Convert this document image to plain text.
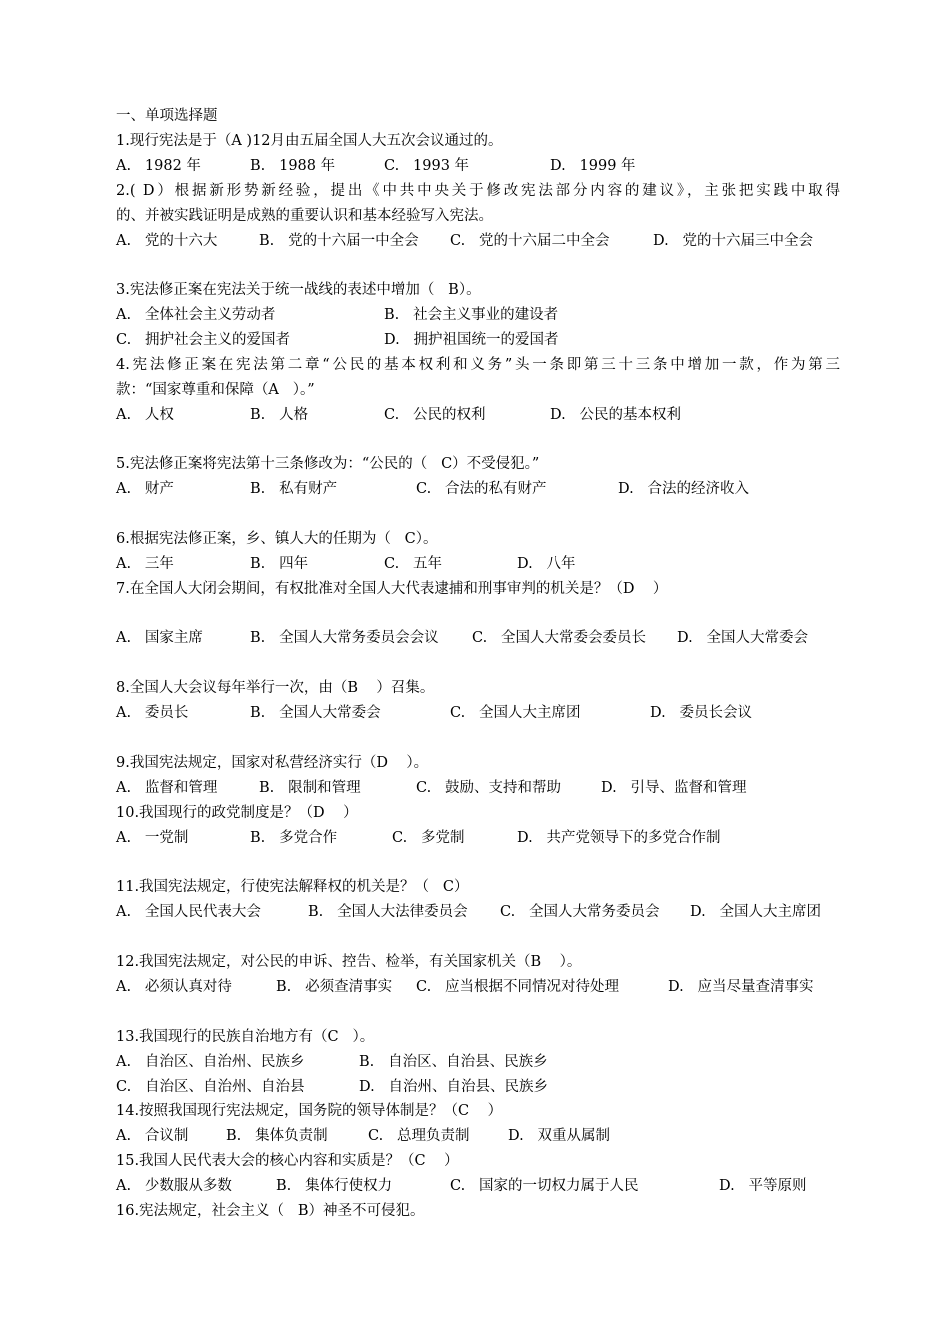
一、单项选择题
1.现行宪法是于（A )12月由五届全国人大五次会议通过的。
A.   1982 年	B.   1988 年	C.   1993 年	D.   1999 年
2.( D）根据新形势新经验，提出《中共中央关于修改宪法部分内容的建议》，主张把实践中取得
的、并被实践证明是成熟的重要认识和基本经验写入宪法。
A.   党的十六大	B.   党的十六届一中全会 C.   党的十六届二中全会	D.   党的十六届三中全会
3.宪法修正案在宪法关于统一战线的表述中增加（   B）。
A.   全体社会主义劳动者	B.   社会主义事业的建设者
C.   拥护社会主义的爱国者	D.   拥护祖国统一的爱国者
4.宪法修正案在宪法第二章“公民的基本权利和义务”头一条即第三十三条中增加一款，作为第三
款：“国家尊重和保障（A   ）。”
A.   人权	B.   人格	C.   公民的权利	D.   公民的基本权利
5.宪法修正案将宪法第十三条修改为：“公民的（   C）不受侵犯。”
A.   财产	B.   私有财产	C.   合法的私有财产	D.   合法的经济收入
6.根据宪法修正案，乡、镇人大的任期为（   C）。
A.   三年	B.   四年	C.   五年	D.   八年
7.在全国人大闭会期间，有权批准对全国人大代表逮捕和刑事审判的机关是？（D    ）
A.   国家主席	B.   全国人大常务委员会会议 C.   全国人大常委会委员长 D.   全国人大常委会
8.全国人大会议每年举行一次，由（B    ）召集。
A.   委员长	B.   全国人大常委会	C.   全国人大主席团	D.   委员长会议
9.我国宪法规定，国家对私营经济实行（D    ）。
A.   监督和管理	B.   限制和管理	C.   鼓励、支持和帮助	D.   引导、监督和管理
10.我国现行的政党制度是？（D    ）
A.   一党制	B.   多党合作	C.   多党制	D.   共产党领导下的多党合作制
11.我国宪法规定，行使宪法解释权的机关是？（   C）
A.   全国人民代表大会	B.   全国人大法律委员会 C.   全国人大常务委员会 D.   全国人大主席团
12.我国宪法规定，对公民的申诉、控告、检举，有关国家机关（B    ）。
A.   必须认真对待	B.   必须查清事实 C.   应当根据不同情况对待处理	D.   应当尽量查清事实
13.我国现行的民族自治地方有（C   ）。
A.   自治区、自治州、民族乡	B.   自治区、自治县、民族乡
C.   自治区、自治州、自治县	D.   自治州、自治县、民族乡
14.按照我国现行宪法规定，国务院的领导体制是？（C    ）
A.   合议制	B.   集体负责制	C.   总理负责制	D.   双重从属制
15.我国人民代表大会的核心内容和实质是？（C    ）
A.   少数服从多数	B.   集体行使权力	C.   国家的一切权力属于人民	D.   平等原则
16.宪法规定，社会主义（   B）神圣不可侵犯。
